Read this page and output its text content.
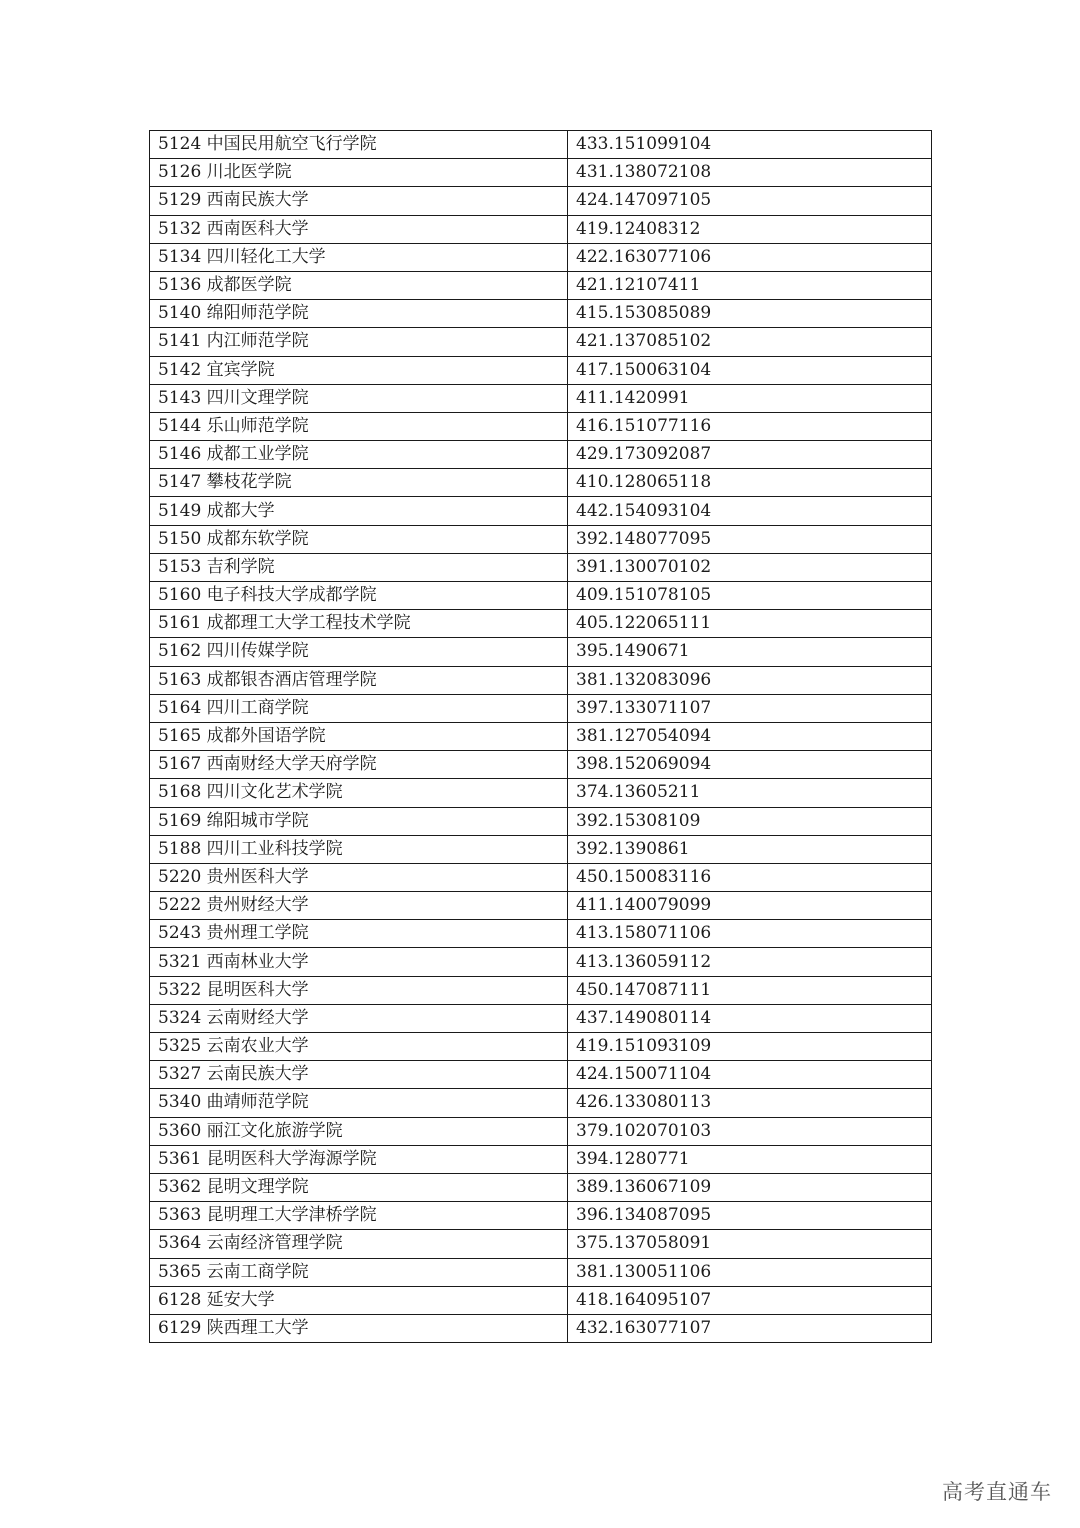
5124 中国民用航空飞行学院	433.151099104
5126 川北医学院	431.138072108
5129 西南民族大学	424.147097105
5132 西南医科大学	419.12408312
5134 四川轻化工大学	422.163077106
5136 成都医学院	421.12107411
5140 绵阳师范学院	415.153085089
5141 内江师范学院	421.137085102
5142 宜宾学院	417.150063104
5143 四川文理学院	411.1420991
5144 乐山师范学院	416.151077116
5146 成都工业学院	429.173092087
5147 攀枝花学院	410.128065118
5149 成都大学	442.154093104
5150 成都东软学院	392.148077095
5153 吉利学院	391.130070102
5160 电子科技大学成都学院	409.151078105
5161 成都理工大学工程技术学院	405.122065111
5162 四川传媒学院	395.1490671
5163 成都银杏酒店管理学院	381.132083096
5164 四川工商学院	397.133071107
5165 成都外国语学院	381.127054094
5167 西南财经大学天府学院	398.152069094
5168 四川文化艺术学院	374.13605211
5169 绵阳城市学院	392.15308109
5188 四川工业科技学院	392.1390861
5220 贵州医科大学	450.150083116
5222 贵州财经大学	411.140079099
5243 贵州理工学院	413.158071106
5321 西南林业大学	413.136059112
5322 昆明医科大学	450.147087111
5324 云南财经大学	437.149080114
5325 云南农业大学	419.151093109
5327 云南民族大学	424.150071104
5340 曲靖师范学院	426.133080113
5360 丽江文化旅游学院	379.102070103
5361 昆明医科大学海源学院	394.1280771
5362 昆明文理学院	389.136067109
5363 昆明理工大学津桥学院	396.134087095
5364 云南经济管理学院	375.137058091
5365 云南工商学院	381.130051106
6128 延安大学	418.164095107
6129 陕西理工大学	432.163077107
高考直通车
